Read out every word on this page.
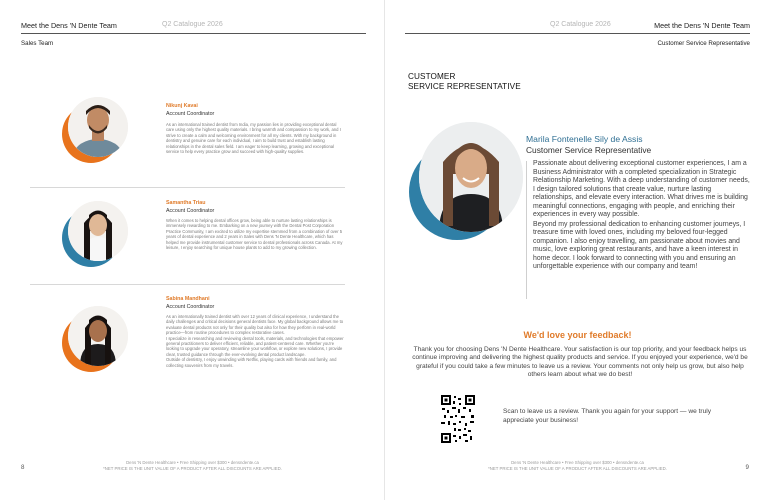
Meet the Dens 'N Dente Team	Q2 Catalogue 2026
Sales Team
Nikunj Kavai
Account Coordinator
As an international trained dentist from India, my passion lies in providing exceptional dental care using only the highest quality materials. I bring warmth and compassion to my work, and I strive to create a calm and welcoming environment for all my clients. With my background in dentistry and genuine care for each individual, I aim to build trust and establish lasting relationships in the dental sales field. I am eager to keep learning, growing and exceptional service to help every practice grow and succeed with high-quality supplies.
Samantha Triau
Account Coordinator
When it comes to helping dental offices grow, being able to nurture lasting relationships is immensely rewarding to me. Embarking on a new journey with the Dental Post Corporation Practice Community, I am excited to utilize my expertise stemmed from a combination of over 5 years of dental experience and 2 years in Sales with Dens 'N Dente Healthcare, which has helped me provide instrumental customer service to dental professionals across Canada. At my leisure, I enjoy searching for unique house plants to add to my growing collection.
Sabina Mandhani
Account Coordinator
As an internationally trained dentist with over 12 years of clinical experience, I understand the daily challenges and critical decisions general dentists face. My global background allows me to evaluate dental products not only for their quality but also for how they perform in real-world practice—from routine procedures to complex restorative cases.
I specialize in researching and reviewing dental tools, materials, and technologies that empower general practitioners to deliver efficient, reliable, and patient-centered care. Whether you're looking to upgrade your operatory, streamline your workflow, or explore new solutions, I provide clear, trusted guidance through the ever-evolving dental product landscape.
Outside of dentistry, I enjoy unwinding with Netflix, playing cards with friends and family, and collecting souvenirs from my travels.
8
Dens 'N Dente Healthcare • Free Shipping over $300 • densndente.ca
*NET PRICE IS THE UNIT VALUE OF A PRODUCT AFTER ALL DISCOUNTS ARE APPLIED.
Q2 Catalogue 2026	Meet the Dens 'N Dente Team
Customer Service Representative
CUSTOMER
SERVICE REPRESENTATIVE
Marila Fontenelle Sily de Assis
Customer Service Representative

Passionate about delivering exceptional customer experiences, I am a Business Administrator with a completed specialization in Strategic Relationship Marketing. With a deep understanding of customer needs, I design tailored solutions that create value, nurture lasting relationships, and elevate every interaction. What drives me is building meaningful connections, engaging with people, and enriching their experiences in every way possible.

Beyond my professional dedication to enhancing customer journeys, I treasure time with loved ones, including my beloved four-legged companion. I also enjoy travelling, am passionate about movies and music, love exploring great restaurants, and have a keen interest in home decor. I look forward to connecting with you and ensuring an unforgettable experience with our company and team!

We'd love your feedback!
Thank you for choosing Dens 'N Dente Healthcare. Your satisfaction is our top priority, and your feedback helps us continue improving and delivering the highest quality products and service. If you enjoyed your experience, we'd be grateful if you could take a few minutes to leave us a review. Your comments not only help us grow, but also help others learn about what we do best!
Scan to leave us a review. Thank you again for your support — we truly appreciate your business!
Dens 'N Dente Healthcare • Free Shipping over $300 • densndente.ca
*NET PRICE IS THE UNIT VALUE OF A PRODUCT AFTER ALL DISCOUNTS ARE APPLIED.	9
